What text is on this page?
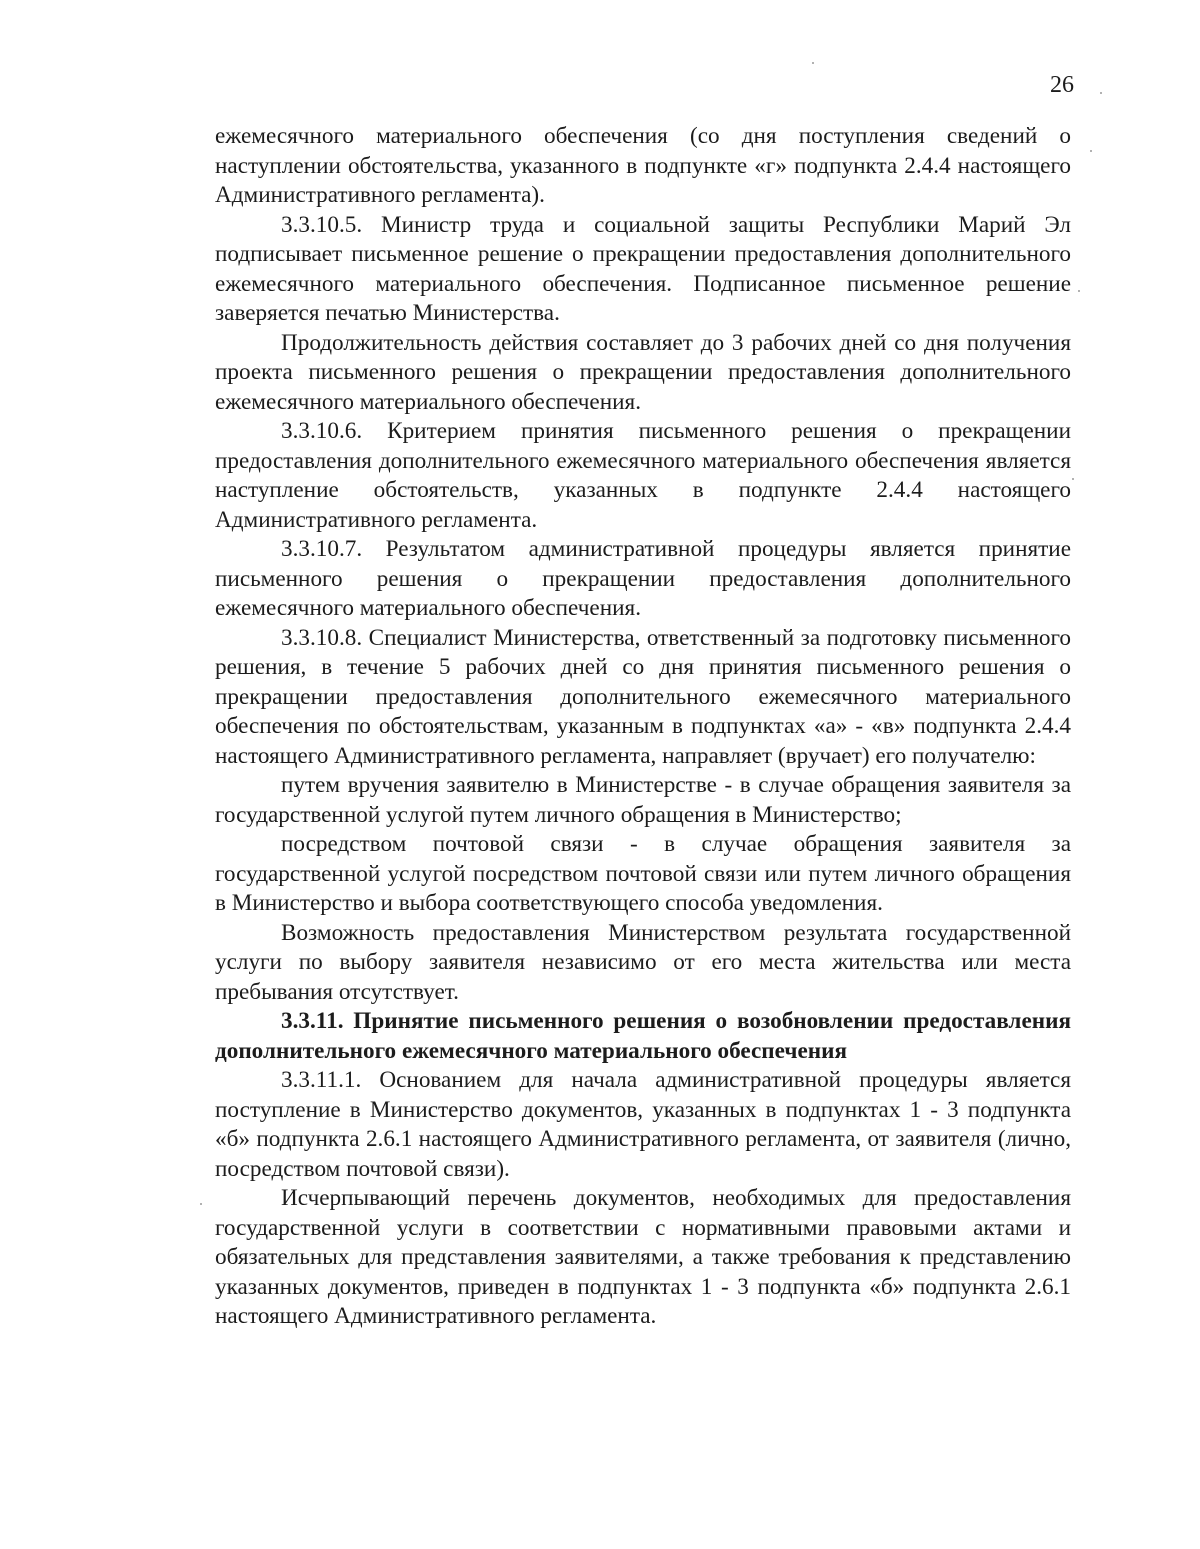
26

ежемесячного материального обеспечения (со дня поступления сведений о наступлении обстоятельства, указанного в подпункте «г» подпункта 2.4.4 настоящего Административного регламента).

3.3.10.5. Министр труда и социальной защиты Республики Марий Эл подписывает письменное решение о прекращении предоставления дополнительного ежемесячного материального обеспечения. Подписанное письменное решение заверяется печатью Министерства.

Продолжительность действия составляет до 3 рабочих дней со дня получения проекта письменного решения о прекращении предоставления дополнительного ежемесячного материального обеспечения.

3.3.10.6. Критерием принятия письменного решения о прекращении предоставления дополнительного ежемесячного материального обеспечения является наступление обстоятельств, указанных в подпункте 2.4.4 настоящего Административного регламента.

3.3.10.7. Результатом административной процедуры является принятие письменного решения о прекращении предоставления дополнительного ежемесячного материального обеспечения.

3.3.10.8. Специалист Министерства, ответственный за подготовку письменного решения, в течение 5 рабочих дней со дня принятия письменного решения о прекращении предоставления дополнительного ежемесячного материального обеспечения по обстоятельствам, указанным в подпунктах «а» - «в» подпункта 2.4.4 настоящего Административного регламента, направляет (вручает) его получателю:

путем вручения заявителю в Министерстве - в случае обращения заявителя за государственной услугой путем личного обращения в Министерство;

посредством почтовой связи - в случае обращения заявителя за государственной услугой посредством почтовой связи или путем личного обращения в Министерство и выбора соответствующего способа уведомления.

Возможность предоставления Министерством результата государственной услуги по выбору заявителя независимо от его места жительства или места пребывания отсутствует.

3.3.11. Принятие письменного решения о возобновлении предоставления дополнительного ежемесячного материального обеспечения

3.3.11.1. Основанием для начала административной процедуры является поступление в Министерство документов, указанных в подпунктах 1 - 3 подпункта «б» подпункта 2.6.1 настоящего Административного регламента, от заявителя (лично, посредством почтовой связи).

Исчерпывающий перечень документов, необходимых для предоставления государственной услуги в соответствии с нормативными правовыми актами и обязательных для представления заявителями, а также требования к представлению указанных документов, приведен в подпунктах 1 - 3 подпункта «б» подпункта 2.6.1 настоящего Административного регламента.
